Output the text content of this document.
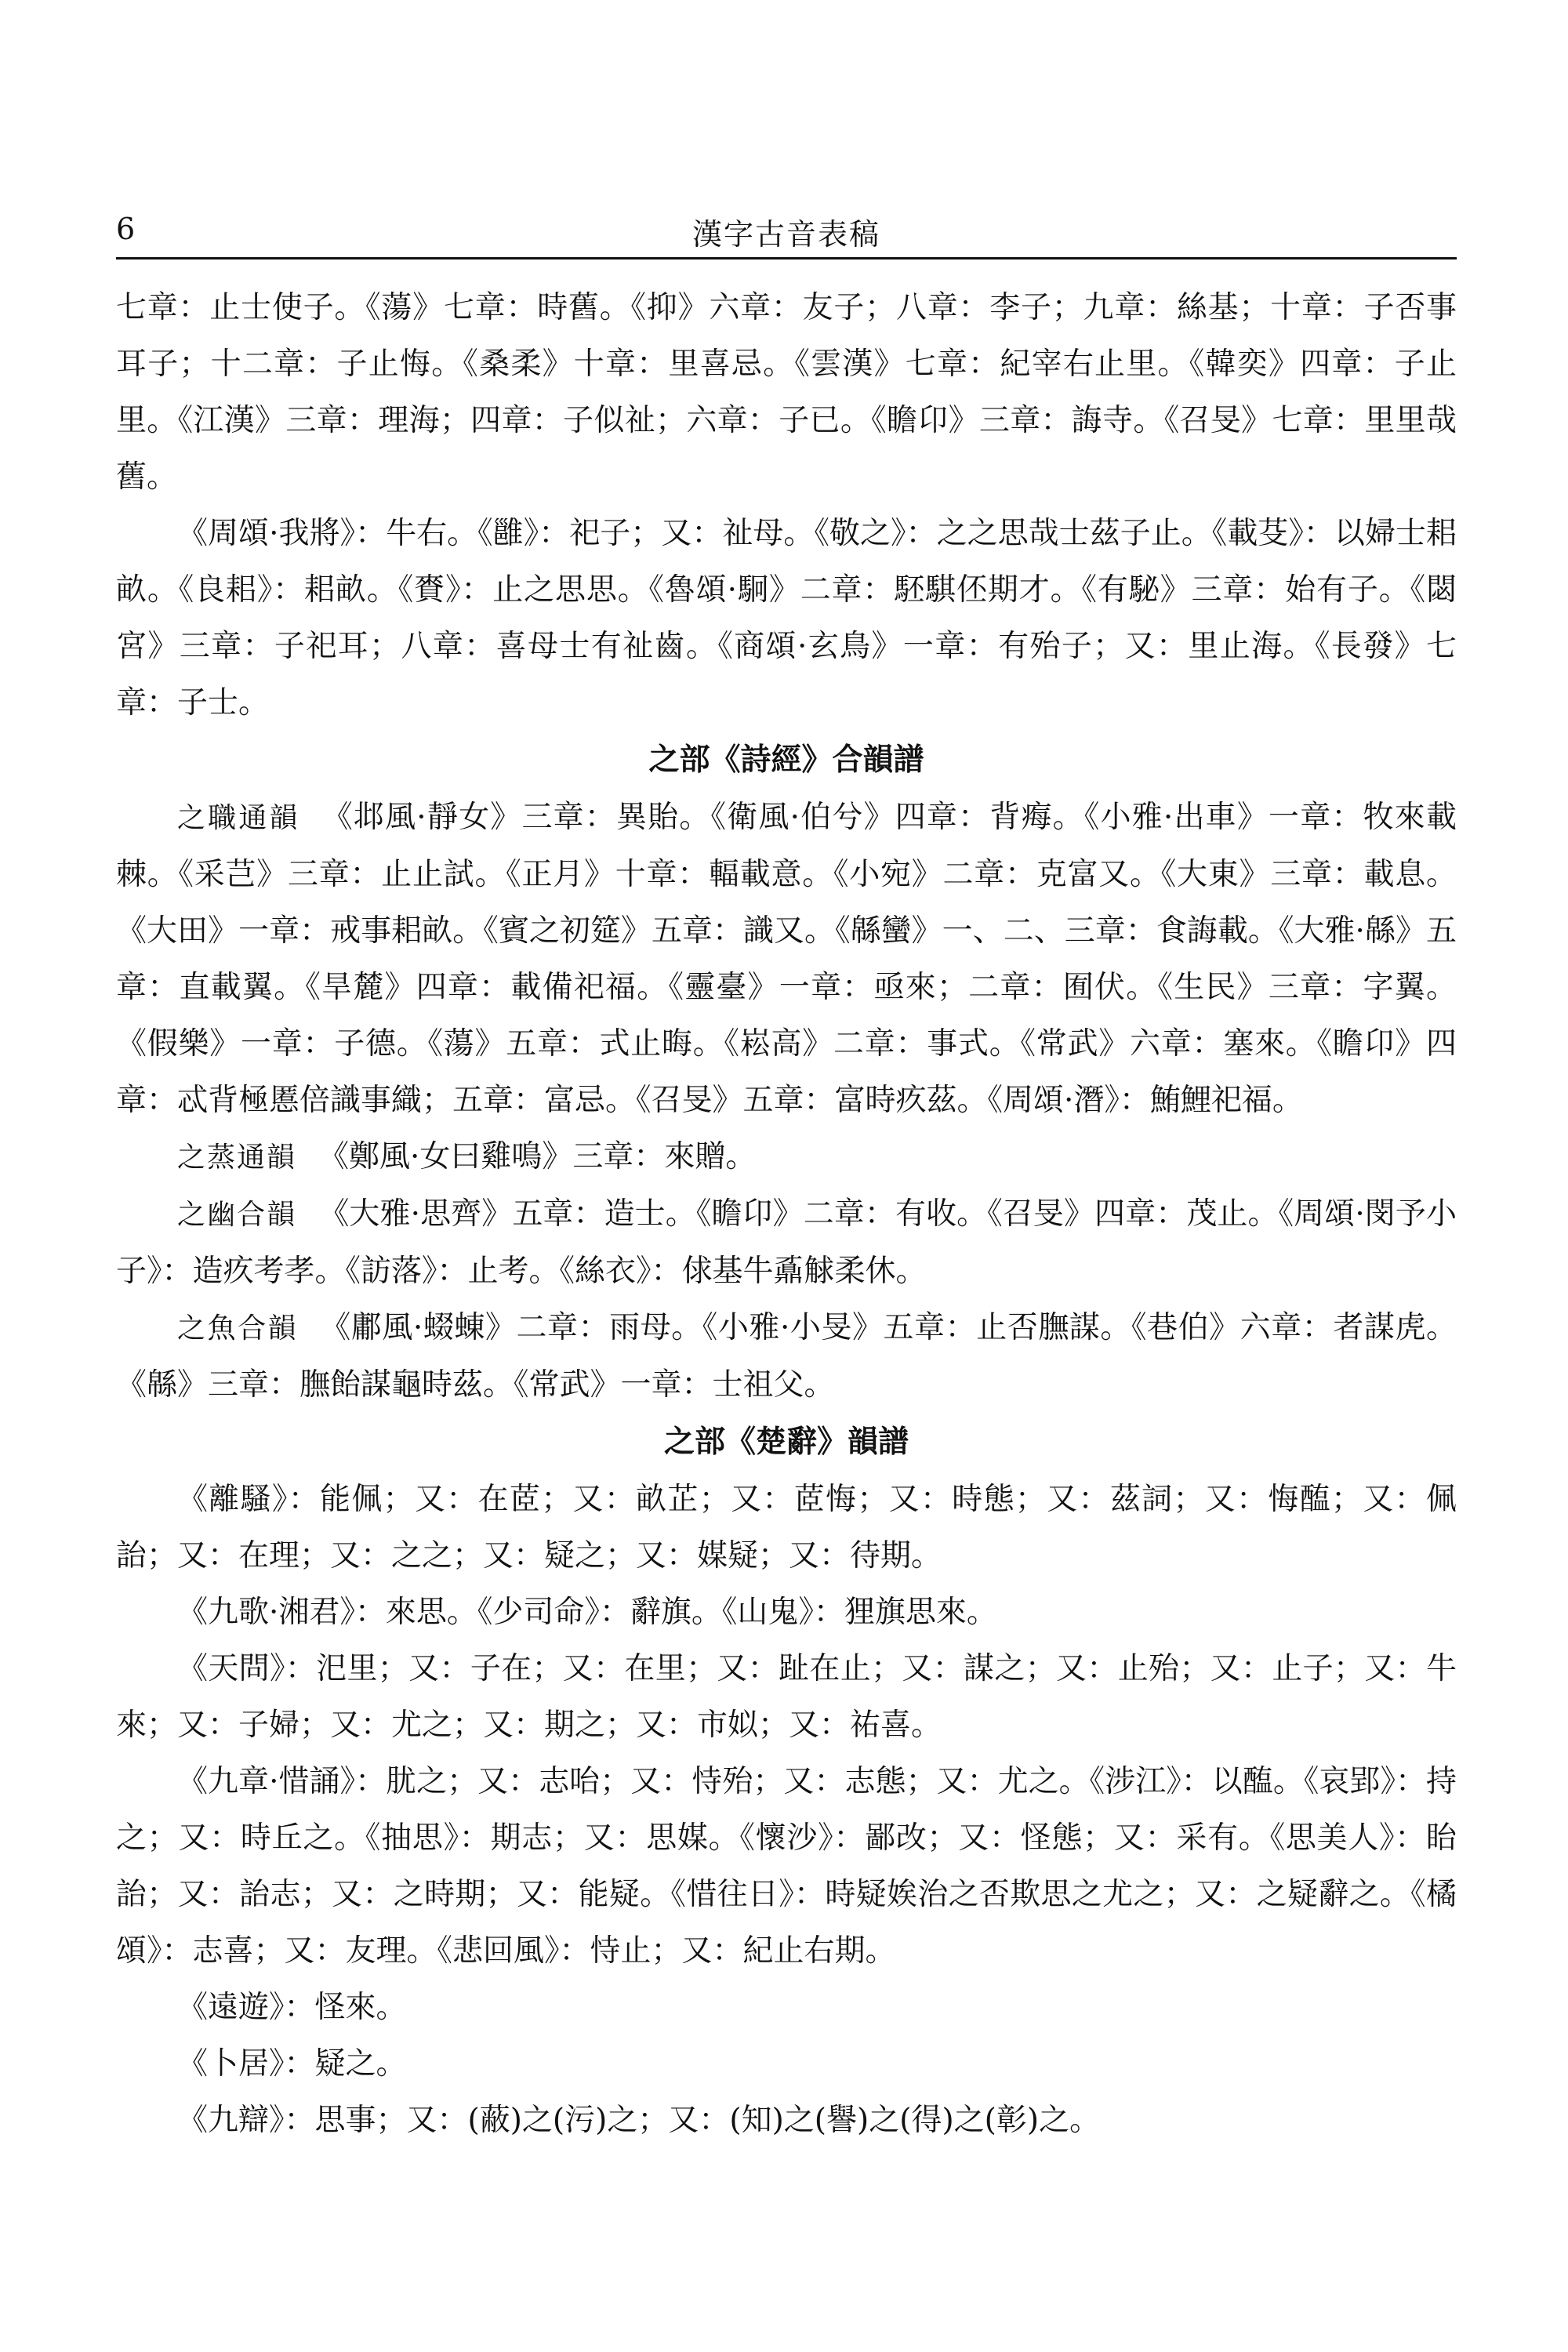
6	漢字古音表稿

七章：止士使子。《蕩》七章：時舊。《抑》六章：友子；八章：李子；九章：絲基；十章：子否事耳子；十二章：子止悔。《桑柔》十章：里喜忌。《雲漢》七章：紀宰右止里。《韓奕》四章：子止里。《江漢》三章：理海；四章：子似祉；六章：子已。《瞻卬》三章：誨寺。《召旻》七章：里里哉舊。

《周頌·我將》：牛右。《雝》：祀子；又：祉母。《敬之》：之之思哉士茲子止。《載芟》：以婦士耜畝。《良耜》：耜畝。《賚》：止之思思。《魯頌·駉》二章：駓騏伾期才。《有駜》三章：始有子。《閟宮》三章：子祀耳；八章：喜母士有祉齒。《商頌·玄鳥》一章：有殆子；又：里止海。《長發》七章：子士。

之部《詩經》合韻譜

之職通韻 《邶風·靜女》三章：異貽。《衛風·伯兮》四章：背痗。《小雅·出車》一章：牧來載棘。《采芑》三章：止止試。《正月》十章：輻載意。《小宛》二章：克富又。《大東》三章：載息。《大田》一章：戒事耜畝。《賓之初筵》五章：識又。《緜蠻》一、二、三章：食誨載。《大雅·緜》五章：直載翼。《旱麓》四章：載備祀福。《靈臺》一章：亟來；二章：囿伏。《生民》三章：字翼。《假樂》一章：子德。《蕩》五章：式止晦。《崧高》二章：事式。《常武》六章：塞來。《瞻卬》四章：忒背極慝倍識事織；五章：富忌。《召旻》五章：富時疚茲。《周頌·潛》：鮪鯉祀福。

之蒸通韻 《鄭風·女曰雞鳴》三章：來贈。

之幽合韻 《大雅·思齊》五章：造士。《瞻卬》二章：有收。《召旻》四章：茂止。《周頌·閔予小子》：造疚考孝。《訪落》：止考。《絲衣》：俅基牛鼒觩柔休。

之魚合韻 《鄘風·蝃蝀》二章：雨母。《小雅·小旻》五章：止否膴謀。《巷伯》六章：者謀虎。《緜》三章：膴飴謀龜時茲。《常武》一章：士祖父。

之部《楚辭》韻譜

《離騷》：能佩；又：在茝；又：畝芷；又：茝悔；又：時態；又：茲詞；又：悔醢；又：佩詒；又：在理；又：之之；又：疑之；又：媒疑；又：待期。

《九歌·湘君》：來思。《少司命》：辭旗。《山鬼》：狸旗思來。

《天問》：汜里；又：子在；又：在里；又：趾在止；又：謀之；又：止殆；又：止子；又：牛來；又：子婦；又：尤之；又：期之；又：市姒；又：祐喜。

《九章·惜誦》：肬之；又：志咍；又：恃殆；又：志態；又：尤之。《涉江》：以醢。《哀郢》：持之；又：時丘之。《抽思》：期志；又：思媒。《懷沙》：鄙改；又：怪態；又：采有。《思美人》：眙詒；又：詒志；又：之時期；又：能疑。《惜往日》：時疑娭治之否欺思之尤之；又：之疑辭之。《橘頌》：志喜；又：友理。《悲回風》：恃止；又：紀止右期。

《遠遊》：怪來。

《卜居》：疑之。

《九辯》：思事；又：(蔽)之(污)之；又：(知)之(譽)之(得)之(彰)之。
